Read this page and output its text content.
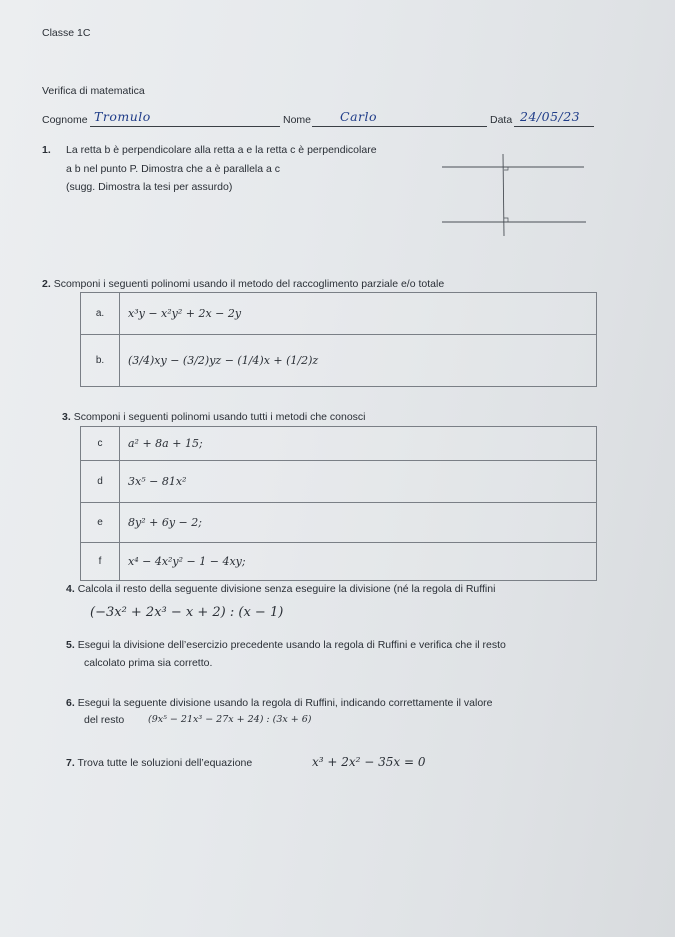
Classe 1C
Verifica di matematica
Cognome Tromulo	Nome Carlo	Data 24/05/23
1. La retta b è perpendicolare alla retta a e la retta c è perpendicolare
a b nel punto P. Dimostra che a è parallela a c
(sugg. Dimostra la tesi per assurdo)
2. Scomponi i seguenti polinomi usando il metodo del raccoglimento parziale e/o totale
a.	x³y − x²y² + 2x − 2y
b.	(3/4)xy − (3/2)yz − (1/4)x + (1/2)z
3. Scomponi i seguenti polinomi usando tutti i metodi che conosci
c	a² + 8a + 15;
d	3x⁵ − 81x²
e	8y² + 6y − 2;
f	x⁴ − 4x²y² − 1 − 4xy;
4. Calcola il resto della seguente divisione senza eseguire la divisione (né la regola di Ruffini
(−3x² + 2x³ − x + 2) : (x − 1)
5. Esegui la divisione dell’esercizio precedente usando la regola di Ruffini e verifica che il resto
calcolato prima sia corretto.
6. Esegui la seguente divisione usando la regola di Ruffini, indicando correttamente il valore
del resto (9x⁵ − 21x³ − 27x + 24) : (3x + 6)
7. Trova tutte le soluzioni dell’equazione	x³ + 2x² − 35x = 0
